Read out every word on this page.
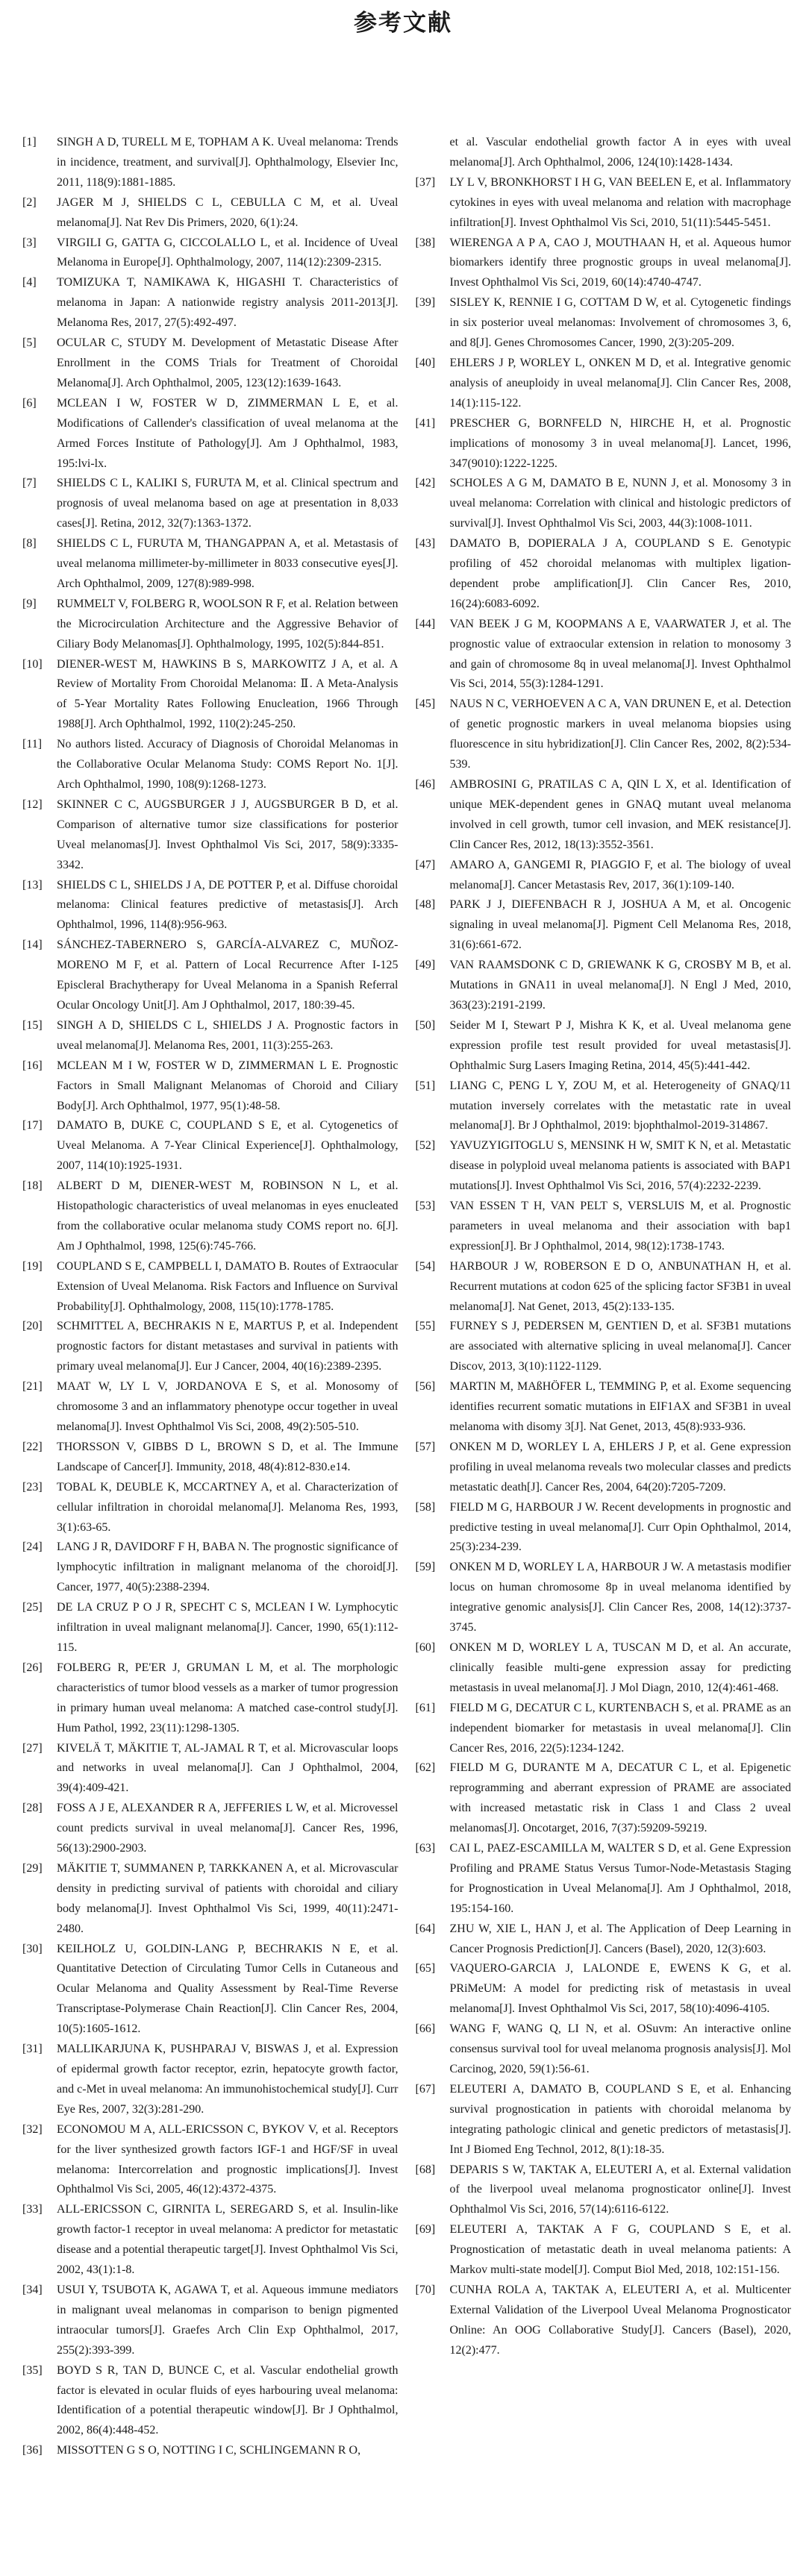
参考文献
[1] SINGH A D, TURELL M E, TOPHAM A K. Uveal melanoma: Trends in incidence, treatment, and survival[J]. Ophthalmology, Elsevier Inc, 2011, 118(9):1881-1885.
[2] JAGER M J, SHIELDS C L, CEBULLA C M, et al. Uveal melanoma[J]. Nat Rev Dis Primers, 2020, 6(1):24.
[3] VIRGILI G, GATTA G, CICCOLALLO L, et al. Incidence of Uveal Melanoma in Europe[J]. Ophthalmology, 2007, 114(12):2309-2315.
[4] TOMIZUKA T, NAMIKAWA K, HIGASHI T. Characteristics of melanoma in Japan: A nationwide registry analysis 2011-2013[J]. Melanoma Res, 2017, 27(5):492-497.
[5] OCULAR C, STUDY M. Development of Metastatic Disease After Enrollment in the COMS Trials for Treatment of Choroidal Melanoma[J]. Arch Ophthalmol, 2005, 123(12):1639-1643.
[6] MCLEAN I W, FOSTER W D, ZIMMERMAN L E, et al. Modifications of Callender's classification of uveal melanoma at the Armed Forces Institute of Pathology[J]. Am J Ophthalmol, 1983, 195:lvi-lx.
[7] SHIELDS C L, KALIKI S, FURUTA M, et al. Clinical spectrum and prognosis of uveal melanoma based on age at presentation in 8,033 cases[J]. Retina, 2012, 32(7):1363-1372.
[8] SHIELDS C L, FURUTA M, THANGAPPAN A, et al. Metastasis of uveal melanoma millimeter-by-millimeter in 8033 consecutive eyes[J]. Arch Ophthalmol, 2009, 127(8):989-998.
[9] RUMMELT V, FOLBERG R, WOOLSON R F, et al. Relation between the Microcirculation Architecture and the Aggressive Behavior of Ciliary Body Melanomas[J]. Ophthalmology, 1995, 102(5):844-851.
[10] DIENER-WEST M, HAWKINS B S, MARKOWITZ J A, et al. A Review of Mortality From Choroidal Melanoma: Ⅱ. A Meta-Analysis of 5-Year Mortality Rates Following Enucleation, 1966 Through 1988[J]. Arch Ophthalmol, 1992, 110(2):245-250.
[11] No authors listed. Accuracy of Diagnosis of Choroidal Melanomas in the Collaborative Ocular Melanoma Study: COMS Report No. 1[J]. Arch Ophthalmol, 1990, 108(9):1268-1273.
[12] SKINNER C C, AUGSBURGER J J, AUGSBURGER B D, et al. Comparison of alternative tumor size classifications for posterior Uveal melanomas[J]. Invest Ophthalmol Vis Sci, 2017, 58(9):3335-3342.
[13] SHIELDS C L, SHIELDS J A, DE POTTER P, et al. Diffuse choroidal melanoma: Clinical features predictive of metastasis[J]. Arch Ophthalmol, 1996, 114(8):956-963.
[14] SÁNCHEZ-TABERNERO S, GARCÍA-ALVAREZ C, MUÑOZ-MORENO M F, et al. Pattern of Local Recurrence After I-125 Episcleral Brachytherapy for Uveal Melanoma in a Spanish Referral Ocular Oncology Unit[J]. Am J Ophthalmol, 2017, 180:39-45.
[15] SINGH A D, SHIELDS C L, SHIELDS J A. Prognostic factors in uveal melanoma[J]. Melanoma Res, 2001, 11(3):255-263.
[16] MCLEAN M I W, FOSTER W D, ZIMMERMAN L E. Prognostic Factors in Small Malignant Melanomas of Choroid and Ciliary Body[J]. Arch Ophthalmol, 1977, 95(1):48-58.
[17] DAMATO B, DUKE C, COUPLAND S E, et al. Cytogenetics of Uveal Melanoma. A 7-Year Clinical Experience[J]. Ophthalmology, 2007, 114(10):1925-1931.
[18] ALBERT D M, DIENER-WEST M, ROBINSON N L, et al. Histopathologic characteristics of uveal melanomas in eyes enucleated from the collaborative ocular melanoma study COMS report no. 6[J]. Am J Ophthalmol, 1998, 125(6):745-766.
[19] COUPLAND S E, CAMPBELL I, DAMATO B. Routes of Extraocular Extension of Uveal Melanoma. Risk Factors and Influence on Survival Probability[J]. Ophthalmology, 2008, 115(10):1778-1785.
[20] SCHMITTEL A, BECHRAKIS N E, MARTUS P, et al. Independent prognostic factors for distant metastases and survival in patients with primary uveal melanoma[J]. Eur J Cancer, 2004, 40(16):2389-2395.
[21] MAAT W, LY L V, JORDANOVA E S, et al. Monosomy of chromosome 3 and an inflammatory phenotype occur together in uveal melanoma[J]. Invest Ophthalmol Vis Sci, 2008, 49(2):505-510.
[22] THORSSON V, GIBBS D L, BROWN S D, et al. The Immune Landscape of Cancer[J]. Immunity, 2018, 48(4):812-830.e14.
[23] TOBAL K, DEUBLE K, MCCARTNEY A, et al. Characterization of cellular infiltration in choroidal melanoma[J]. Melanoma Res, 1993, 3(1):63-65.
[24] LANG J R, DAVIDORF F H, BABA N. The prognostic significance of lymphocytic infiltration in malignant melanoma of the choroid[J]. Cancer, 1977, 40(5):2388-2394.
[25] DE LA CRUZ P O J R, SPECHT C S, MCLEAN I W. Lymphocytic infiltration in uveal malignant melanoma[J]. Cancer, 1990, 65(1):112-115.
[26] FOLBERG R, PE'ER J, GRUMAN L M, et al. The morphologic characteristics of tumor blood vessels as a marker of tumor progression in primary human uveal melanoma: A matched case-control study[J]. Hum Pathol, 1992, 23(11):1298-1305.
[27] KIVELÄ T, MÄKITIE T, AL-JAMAL R T, et al. Microvascular loops and networks in uveal melanoma[J]. Can J Ophthalmol, 2004, 39(4):409-421.
[28] FOSS A J E, ALEXANDER R A, JEFFERIES L W, et al. Microvessel count predicts survival in uveal melanoma[J]. Cancer Res, 1996, 56(13):2900-2903.
[29] MÄKITIE T, SUMMANEN P, TARKKANEN A, et al. Microvascular density in predicting survival of patients with choroidal and ciliary body melanoma[J]. Invest Ophthalmol Vis Sci, 1999, 40(11):2471-2480.
[30] KEILHOLZ U, GOLDIN-LANG P, BECHRAKIS N E, et al. Quantitative Detection of Circulating Tumor Cells in Cutaneous and Ocular Melanoma and Quality Assessment by Real-Time Reverse Transcriptase-Polymerase Chain Reaction[J]. Clin Cancer Res, 2004, 10(5):1605-1612.
[31] MALLIKARJUNA K, PUSHPARAJ V, BISWAS J, et al. Expression of epidermal growth factor receptor, ezrin, hepatocyte growth factor, and c-Met in uveal melanoma: An immunohistochemical study[J]. Curr Eye Res, 2007, 32(3):281-290.
[32] ECONOMOU M A, ALL-ERICSSON C, BYKOV V, et al. Receptors for the liver synthesized growth factors IGF-1 and HGF/SF in uveal melanoma: Intercorrelation and prognostic implications[J]. Invest Ophthalmol Vis Sci, 2005, 46(12):4372-4375.
[33] ALL-ERICSSON C, GIRNITA L, SEREGARD S, et al. Insulin-like growth factor-1 receptor in uveal melanoma: A predictor for metastatic disease and a potential therapeutic target[J]. Invest Ophthalmol Vis Sci, 2002, 43(1):1-8.
[34] USUI Y, TSUBOTA K, AGAWA T, et al. Aqueous immune mediators in malignant uveal melanomas in comparison to benign pigmented intraocular tumors[J]. Graefes Arch Clin Exp Ophthalmol, 2017, 255(2):393-399.
[35] BOYD S R, TAN D, BUNCE C, et al. Vascular endothelial growth factor is elevated in ocular fluids of eyes harbouring uveal melanoma: Identification of a potential therapeutic window[J]. Br J Ophthalmol, 2002, 86(4):448-452.
[36] MISSOTTEN G S O, NOTTING I C, SCHLINGEMANN R O,
et al. Vascular endothelial growth factor A in eyes with uveal melanoma[J]. Arch Ophthalmol, 2006, 124(10):1428-1434.
[37] LY L V, BRONKHORST I H G, VAN BEELEN E, et al. Inflammatory cytokines in eyes with uveal melanoma and relation with macrophage infiltration[J]. Invest Ophthalmol Vis Sci, 2010, 51(11):5445-5451.
[38] WIERENGA A P A, CAO J, MOUTHAAN H, et al. Aqueous humor biomarkers identify three prognostic groups in uveal melanoma[J]. Invest Ophthalmol Vis Sci, 2019, 60(14):4740-4747.
[39] SISLEY K, RENNIE I G, COTTAM D W, et al. Cytogenetic findings in six posterior uveal melanomas: Involvement of chromosomes 3, 6, and 8[J]. Genes Chromosomes Cancer, 1990, 2(3):205-209.
[40] EHLERS J P, WORLEY L, ONKEN M D, et al. Integrative genomic analysis of aneuploidy in uveal melanoma[J]. Clin Cancer Res, 2008, 14(1):115-122.
[41] PRESCHER G, BORNFELD N, HIRCHE H, et al. Prognostic implications of monosomy 3 in uveal melanoma[J]. Lancet, 1996, 347(9010):1222-1225.
[42] SCHOLES A G M, DAMATO B E, NUNN J, et al. Monosomy 3 in uveal melanoma: Correlation with clinical and histologic predictors of survival[J]. Invest Ophthalmol Vis Sci, 2003, 44(3):1008-1011.
[43] DAMATO B, DOPIERALA J A, COUPLAND S E. Genotypic profiling of 452 choroidal melanomas with multiplex ligation-dependent probe amplification[J]. Clin Cancer Res, 2010, 16(24):6083-6092.
[44] VAN BEEK J G M, KOOPMANS A E, VAARWATER J, et al. The prognostic value of extraocular extension in relation to monosomy 3 and gain of chromosome 8q in uveal melanoma[J]. Invest Ophthalmol Vis Sci, 2014, 55(3):1284-1291.
[45] NAUS N C, VERHOEVEN A C A, VAN DRUNEN E, et al. Detection of genetic prognostic markers in uveal melanoma biopsies using fluorescence in situ hybridization[J]. Clin Cancer Res, 2002, 8(2):534-539.
[46] AMBROSINI G, PRATILAS C A, QIN L X, et al. Identification of unique MEK-dependent genes in GNAQ mutant uveal melanoma involved in cell growth, tumor cell invasion, and MEK resistance[J]. Clin Cancer Res, 2012, 18(13):3552-3561.
[47] AMARO A, GANGEMI R, PIAGGIO F, et al. The biology of uveal melanoma[J]. Cancer Metastasis Rev, 2017, 36(1):109-140.
[48] PARK J J, DIEFENBACH R J, JOSHUA A M, et al. Oncogenic signaling in uveal melanoma[J]. Pigment Cell Melanoma Res, 2018, 31(6):661-672.
[49] VAN RAAMSDONK C D, GRIEWANK K G, CROSBY M B, et al. Mutations in GNA11 in uveal melanoma[J]. N Engl J Med, 2010, 363(23):2191-2199.
[50] Seider M I, Stewart P J, Mishra K K, et al. Uveal melanoma gene expression profile test result provided for uveal metastasis[J]. Ophthalmic Surg Lasers Imaging Retina, 2014, 45(5):441-442.
[51] LIANG C, PENG L Y, ZOU M, et al. Heterogeneity of GNAQ/11 mutation inversely correlates with the metastatic rate in uveal melanoma[J]. Br J Ophthalmol, 2019: bjophthalmol-2019-314867.
[52] YAVUZYIGITOGLU S, MENSINK H W, SMIT K N, et al. Metastatic disease in polyploid uveal melanoma patients is associated with BAP1 mutations[J]. Invest Ophthalmol Vis Sci, 2016, 57(4):2232-2239.
[53] VAN ESSEN T H, VAN PELT S, VERSLUIS M, et al. Prognostic parameters in uveal melanoma and their association with bap1 expression[J]. Br J Ophthalmol, 2014, 98(12):1738-1743.
[54] HARBOUR J W, ROBERSON E D O, ANBUNATHAN H, et al. Recurrent mutations at codon 625 of the splicing factor SF3B1 in uveal melanoma[J]. Nat Genet, 2013, 45(2):133-135.
[55] FURNEY S J, PEDERSEN M, GENTIEN D, et al. SF3B1 mutations are associated with alternative splicing in uveal melanoma[J]. Cancer Discov, 2013, 3(10):1122-1129.
[56] MARTIN M, MAßHÖFER L, TEMMING P, et al. Exome sequencing identifies recurrent somatic mutations in EIF1AX and SF3B1 in uveal melanoma with disomy 3[J]. Nat Genet, 2013, 45(8):933-936.
[57] ONKEN M D, WORLEY L A, EHLERS J P, et al. Gene expression profiling in uveal melanoma reveals two molecular classes and predicts metastatic death[J]. Cancer Res, 2004, 64(20):7205-7209.
[58] FIELD M G, HARBOUR J W. Recent developments in prognostic and predictive testing in uveal melanoma[J]. Curr Opin Ophthalmol, 2014, 25(3):234-239.
[59] ONKEN M D, WORLEY L A, HARBOUR J W. A metastasis modifier locus on human chromosome 8p in uveal melanoma identified by integrative genomic analysis[J]. Clin Cancer Res, 2008, 14(12):3737-3745.
[60] ONKEN M D, WORLEY L A, TUSCAN M D, et al. An accurate, clinically feasible multi-gene expression assay for predicting metastasis in uveal melanoma[J]. J Mol Diagn, 2010, 12(4):461-468.
[61] FIELD M G, DECATUR C L, KURTENBACH S, et al. PRAME as an independent biomarker for metastasis in uveal melanoma[J]. Clin Cancer Res, 2016, 22(5):1234-1242.
[62] FIELD M G, DURANTE M A, DECATUR C L, et al. Epigenetic reprogramming and aberrant expression of PRAME are associated with increased metastatic risk in Class 1 and Class 2 uveal melanomas[J]. Oncotarget, 2016, 7(37):59209-59219.
[63] CAI L, PAEZ-ESCAMILLA M, WALTER S D, et al. Gene Expression Profiling and PRAME Status Versus Tumor-Node-Metastasis Staging for Prognostication in Uveal Melanoma[J]. Am J Ophthalmol, 2018, 195:154-160.
[64] ZHU W, XIE L, HAN J, et al. The Application of Deep Learning in Cancer Prognosis Prediction[J]. Cancers (Basel), 2020, 12(3):603.
[65] VAQUERO-GARCIA J, LALONDE E, EWENS K G, et al. PRiMeUM: A model for predicting risk of metastasis in uveal melanoma[J]. Invest Ophthalmol Vis Sci, 2017, 58(10):4096-4105.
[66] WANG F, WANG Q, LI N, et al. OSuvm: An interactive online consensus survival tool for uveal melanoma prognosis analysis[J]. Mol Carcinog, 2020, 59(1):56-61.
[67] ELEUTERI A, DAMATO B, COUPLAND S E, et al. Enhancing survival prognostication in patients with choroidal melanoma by integrating pathologic clinical and genetic predictors of metastasis[J]. Int J Biomed Eng Technol, 2012, 8(1):18-35.
[68] DEPARIS S W, TAKTAK A, ELEUTERI A, et al. External validation of the liverpool uveal melanoma prognosticator online[J]. Invest Ophthalmol Vis Sci, 2016, 57(14):6116-6122.
[69] ELEUTERI A, TAKTAK A F G, COUPLAND S E, et al. Prognostication of metastatic death in uveal melanoma patients: A Markov multi-state model[J]. Comput Biol Med, 2018, 102:151-156.
[70] CUNHA ROLA A, TAKTAK A, ELEUTERI A, et al. Multicenter External Validation of the Liverpool Uveal Melanoma Prognosticator Online: An OOG Collaborative Study[J]. Cancers (Basel), 2020, 12(2):477.
